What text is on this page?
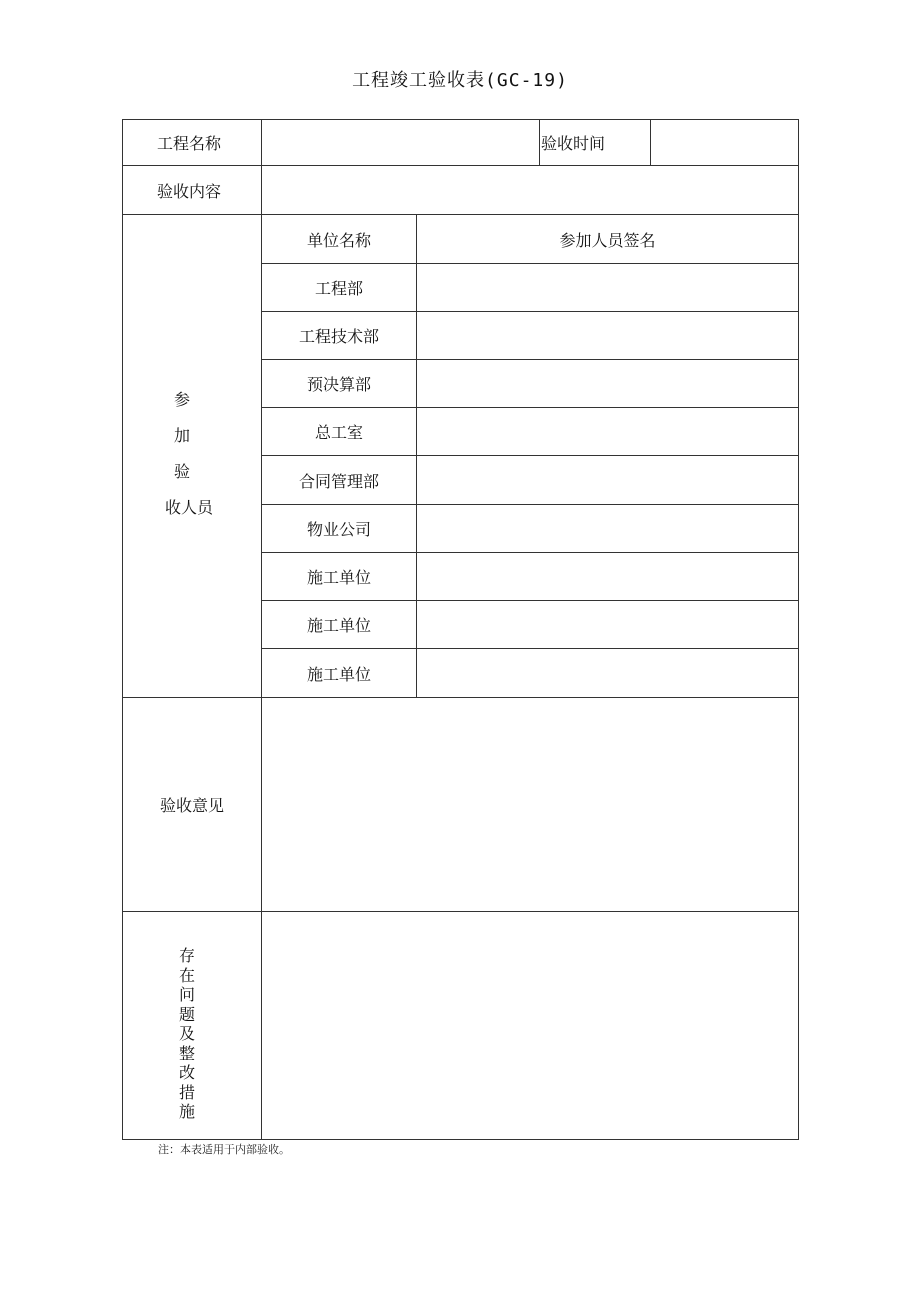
工程竣工验收表(GC-19)
工程名称	验收时间
验收内容
参
加
验
收人员
单位名称	参加人员签名
工程部
工程技术部
预决算部
总工室
合同管理部
物业公司
施工单位
施工单位
施工单位
验收意见
存在问题及整改措施
注：本表适用于内部验收。
